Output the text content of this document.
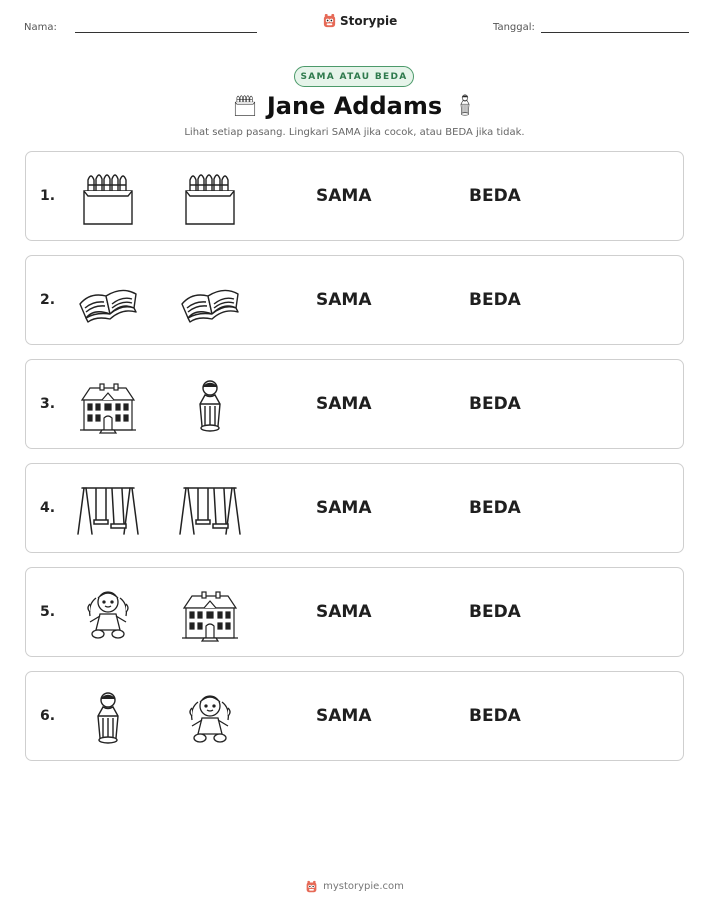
Nama:	Storypie	Tanggal:
SAMA ATAU BEDA
Jane Addams
Lihat setiap pasang. Lingkari SAMA jika cocok, atau BEDA jika tidak.
1.	SAMA	BEDA
2.	SAMA	BEDA
3.	SAMA	BEDA
4.	SAMA	BEDA
5.	SAMA	BEDA
6.	SAMA	BEDA
mystorypie.com
